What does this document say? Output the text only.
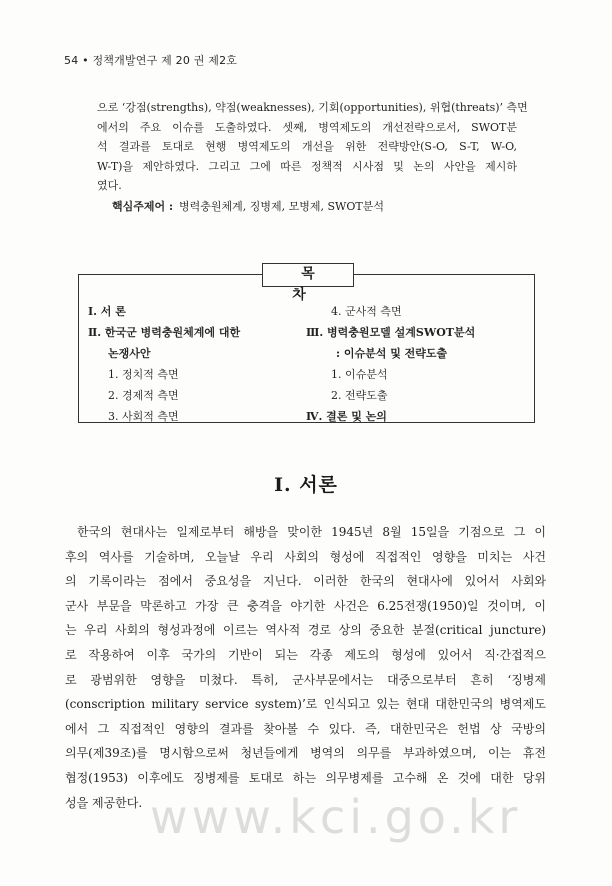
54 • 정책개발연구 제 20 권 제2호
으로 ‘강점(strengths), 약점(weaknesses), 기회(opportunities), 위협(threats)’ 측면
에서의 주요 이슈를 도출하였다. 셋째, 병역제도의 개선전략으로서, SWOT분
석 결과를 토대로 현행 병역제도의 개선을 위한 전략방안(S-O, S-T, W-O,
W-T)을 제안하였다. 그리고 그에 따른 정책적 시사점 및 논의 사안을 제시하
였다.
핵심주제어 : 병력충원체계, 징병제, 모병제, SWOT분석
목 차
Ⅰ. 서 론
Ⅱ. 한국군 병력충원체계에 대한
논쟁사안
1. 정치적 측면
2. 경제적 측면
3. 사회적 측면
4. 군사적 측면
Ⅲ. 병력충원모델 설계SWOT분석
: 이슈분석 및 전략도출
1. 이슈분석
2. 전략도출
Ⅳ. 결론 및 논의
I. 서론
한국의 현대사는 일제로부터 해방을 맞이한 1945년 8월 15일을 기점으로 그 이
후의 역사를 기술하며, 오늘날 우리 사회의 형성에 직접적인 영향을 미치는 사건
의 기록이라는 점에서 중요성을 지닌다. 이러한 한국의 현대사에 있어서 사회와
군사 부문을 막론하고 가장 큰 충격을 야기한 사건은 6.25전쟁(1950)일 것이며, 이
는 우리 사회의 형성과정에 이르는 역사적 경로 상의 중요한 분절(critical juncture)
로 작용하여 이후 국가의 기반이 되는 각종 제도의 형성에 있어서 직·간접적으
로 광범위한 영향을 미쳤다. 특히, 군사부문에서는 대중으로부터 흔히 ‘징병제
(conscription military service system)’로 인식되고 있는 현대 대한민국의 병역제도
에서 그 직접적인 영향의 결과를 찾아볼 수 있다. 즉, 대한민국은 헌법 상 국방의
의무(제39조)를 명시함으로써 청년들에게 병역의 의무를 부과하였으며, 이는 휴전
협정(1953) 이후에도 징병제를 토대로 하는 의무병제를 고수해 온 것에 대한 당위
성을 제공한다. www.kci.go.kr
